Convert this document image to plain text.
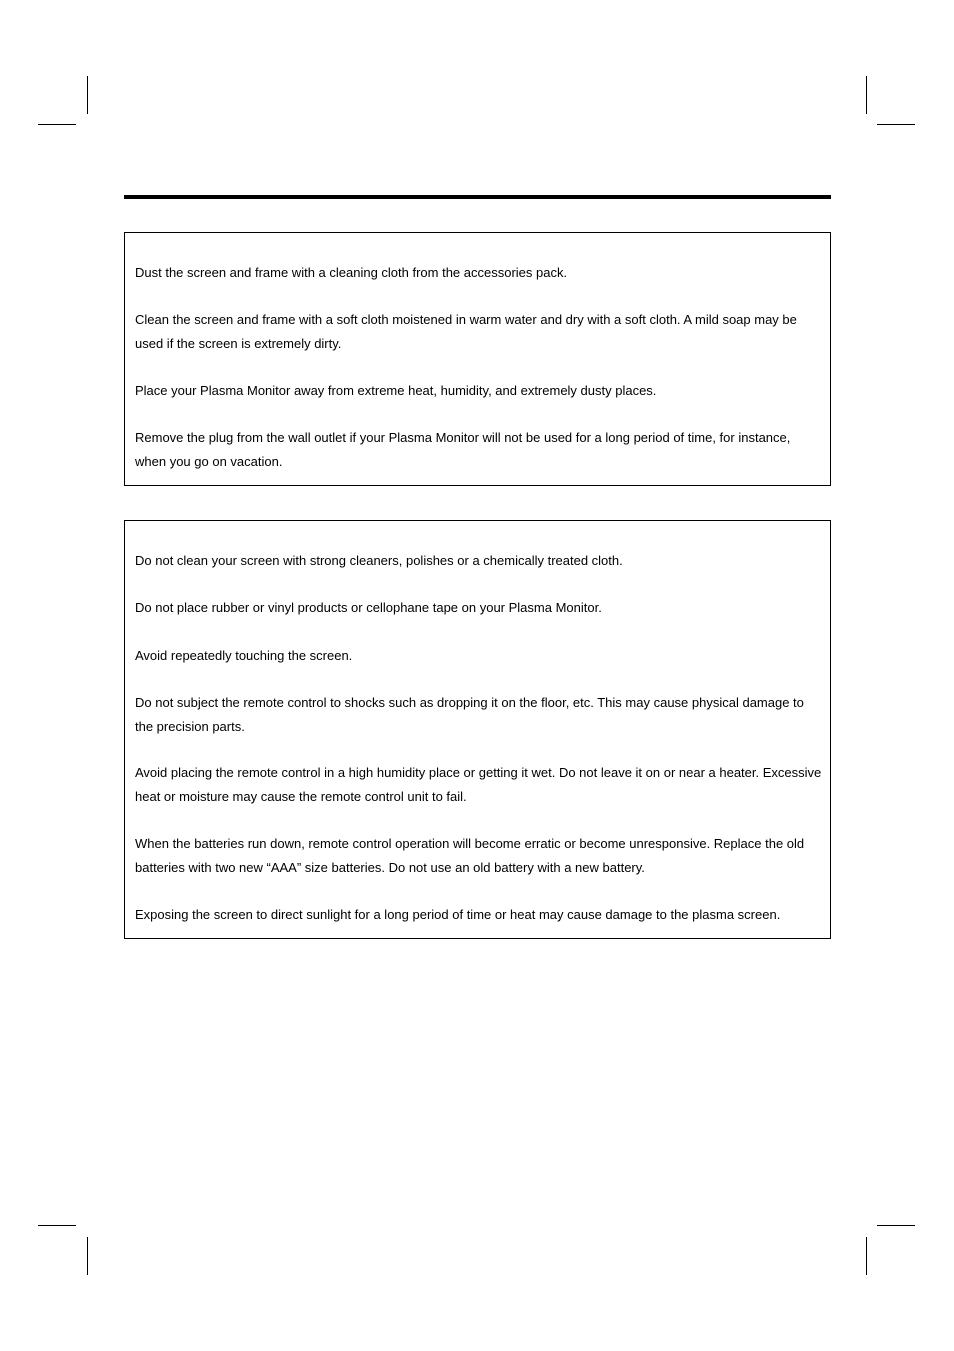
Dust the screen and frame with a cleaning cloth from the accessories pack.

Clean the screen and frame with a soft cloth moistened in warm water and dry with a soft cloth. A mild soap may be used if the screen is extremely dirty.

Place your Plasma Monitor away from extreme heat, humidity, and extremely dusty places.

Remove the plug from the wall outlet if your Plasma Monitor will not be used for a long period of time, for instance, when you go on vacation.

Do not clean your screen with strong cleaners, polishes or a chemically treated cloth.

Do not place rubber or vinyl products or cellophane tape on your Plasma Monitor.

Avoid repeatedly touching the screen.

Do not subject the remote control to shocks such as dropping it on the floor, etc. This may cause physical damage to the precision parts.

Avoid placing the remote control in a high humidity place or getting it wet. Do not leave it on or near a heater. Excessive heat or moisture may cause the remote control unit to fail.

When the batteries run down, remote control operation will become erratic or become unresponsive. Replace the old batteries with two new “AAA” size batteries. Do not use an old battery with a new battery.

Exposing the screen to direct sunlight for a long period of time or heat may cause damage to the plasma screen.
